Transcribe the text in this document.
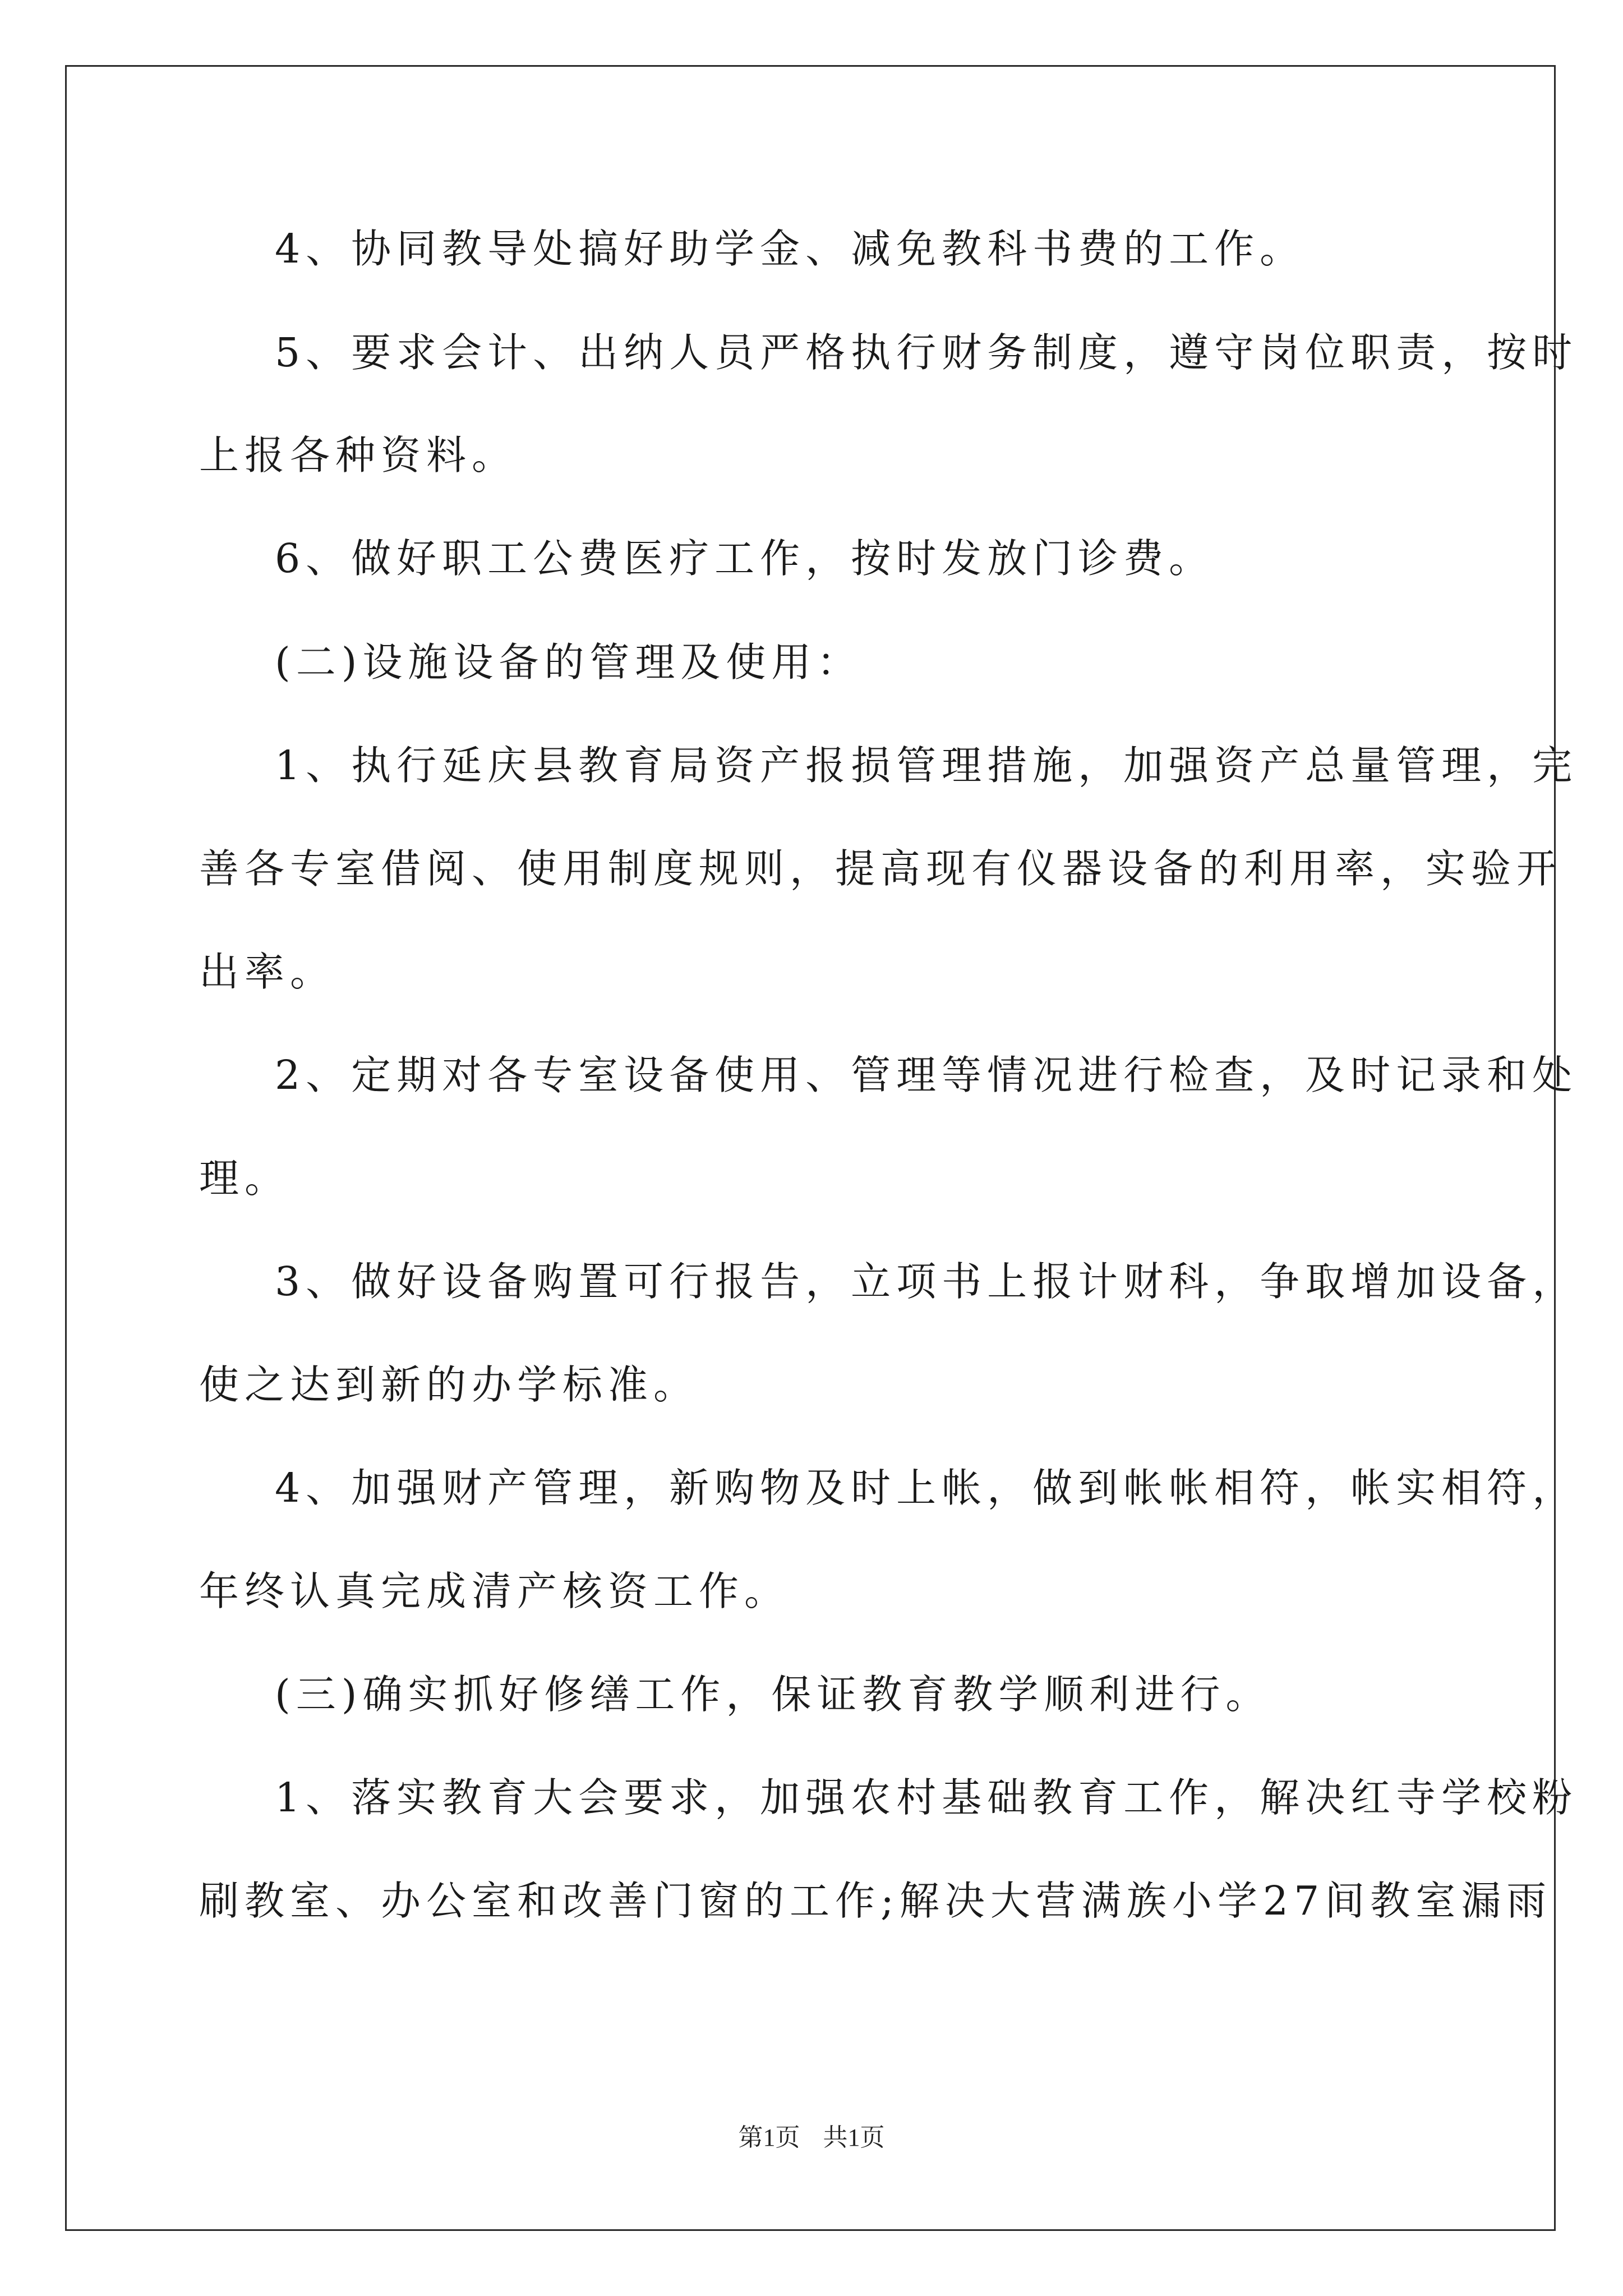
4、协同教导处搞好助学金、减免教科书费的工作。
5、要求会计、出纳人员严格执行财务制度，遵守岗位职责，按时
上报各种资料。
6、做好职工公费医疗工作，按时发放门诊费。
(二)设施设备的管理及使用：
1、执行延庆县教育局资产报损管理措施，加强资产总量管理，完
善各专室借阅、使用制度规则，提高现有仪器设备的利用率，实验开
出率。
2、定期对各专室设备使用、管理等情况进行检查，及时记录和处
理。
3、做好设备购置可行报告，立项书上报计财科，争取增加设备，
使之达到新的办学标准。
4、加强财产管理，新购物及时上帐，做到帐帐相符，帐实相符，
年终认真完成清产核资工作。
(三)确实抓好修缮工作，保证教育教学顺利进行。
1、落实教育大会要求，加强农村基础教育工作，解决红寺学校粉
刷教室、办公室和改善门窗的工作;解决大营满族小学27间教室漏雨
第1页 共1页
